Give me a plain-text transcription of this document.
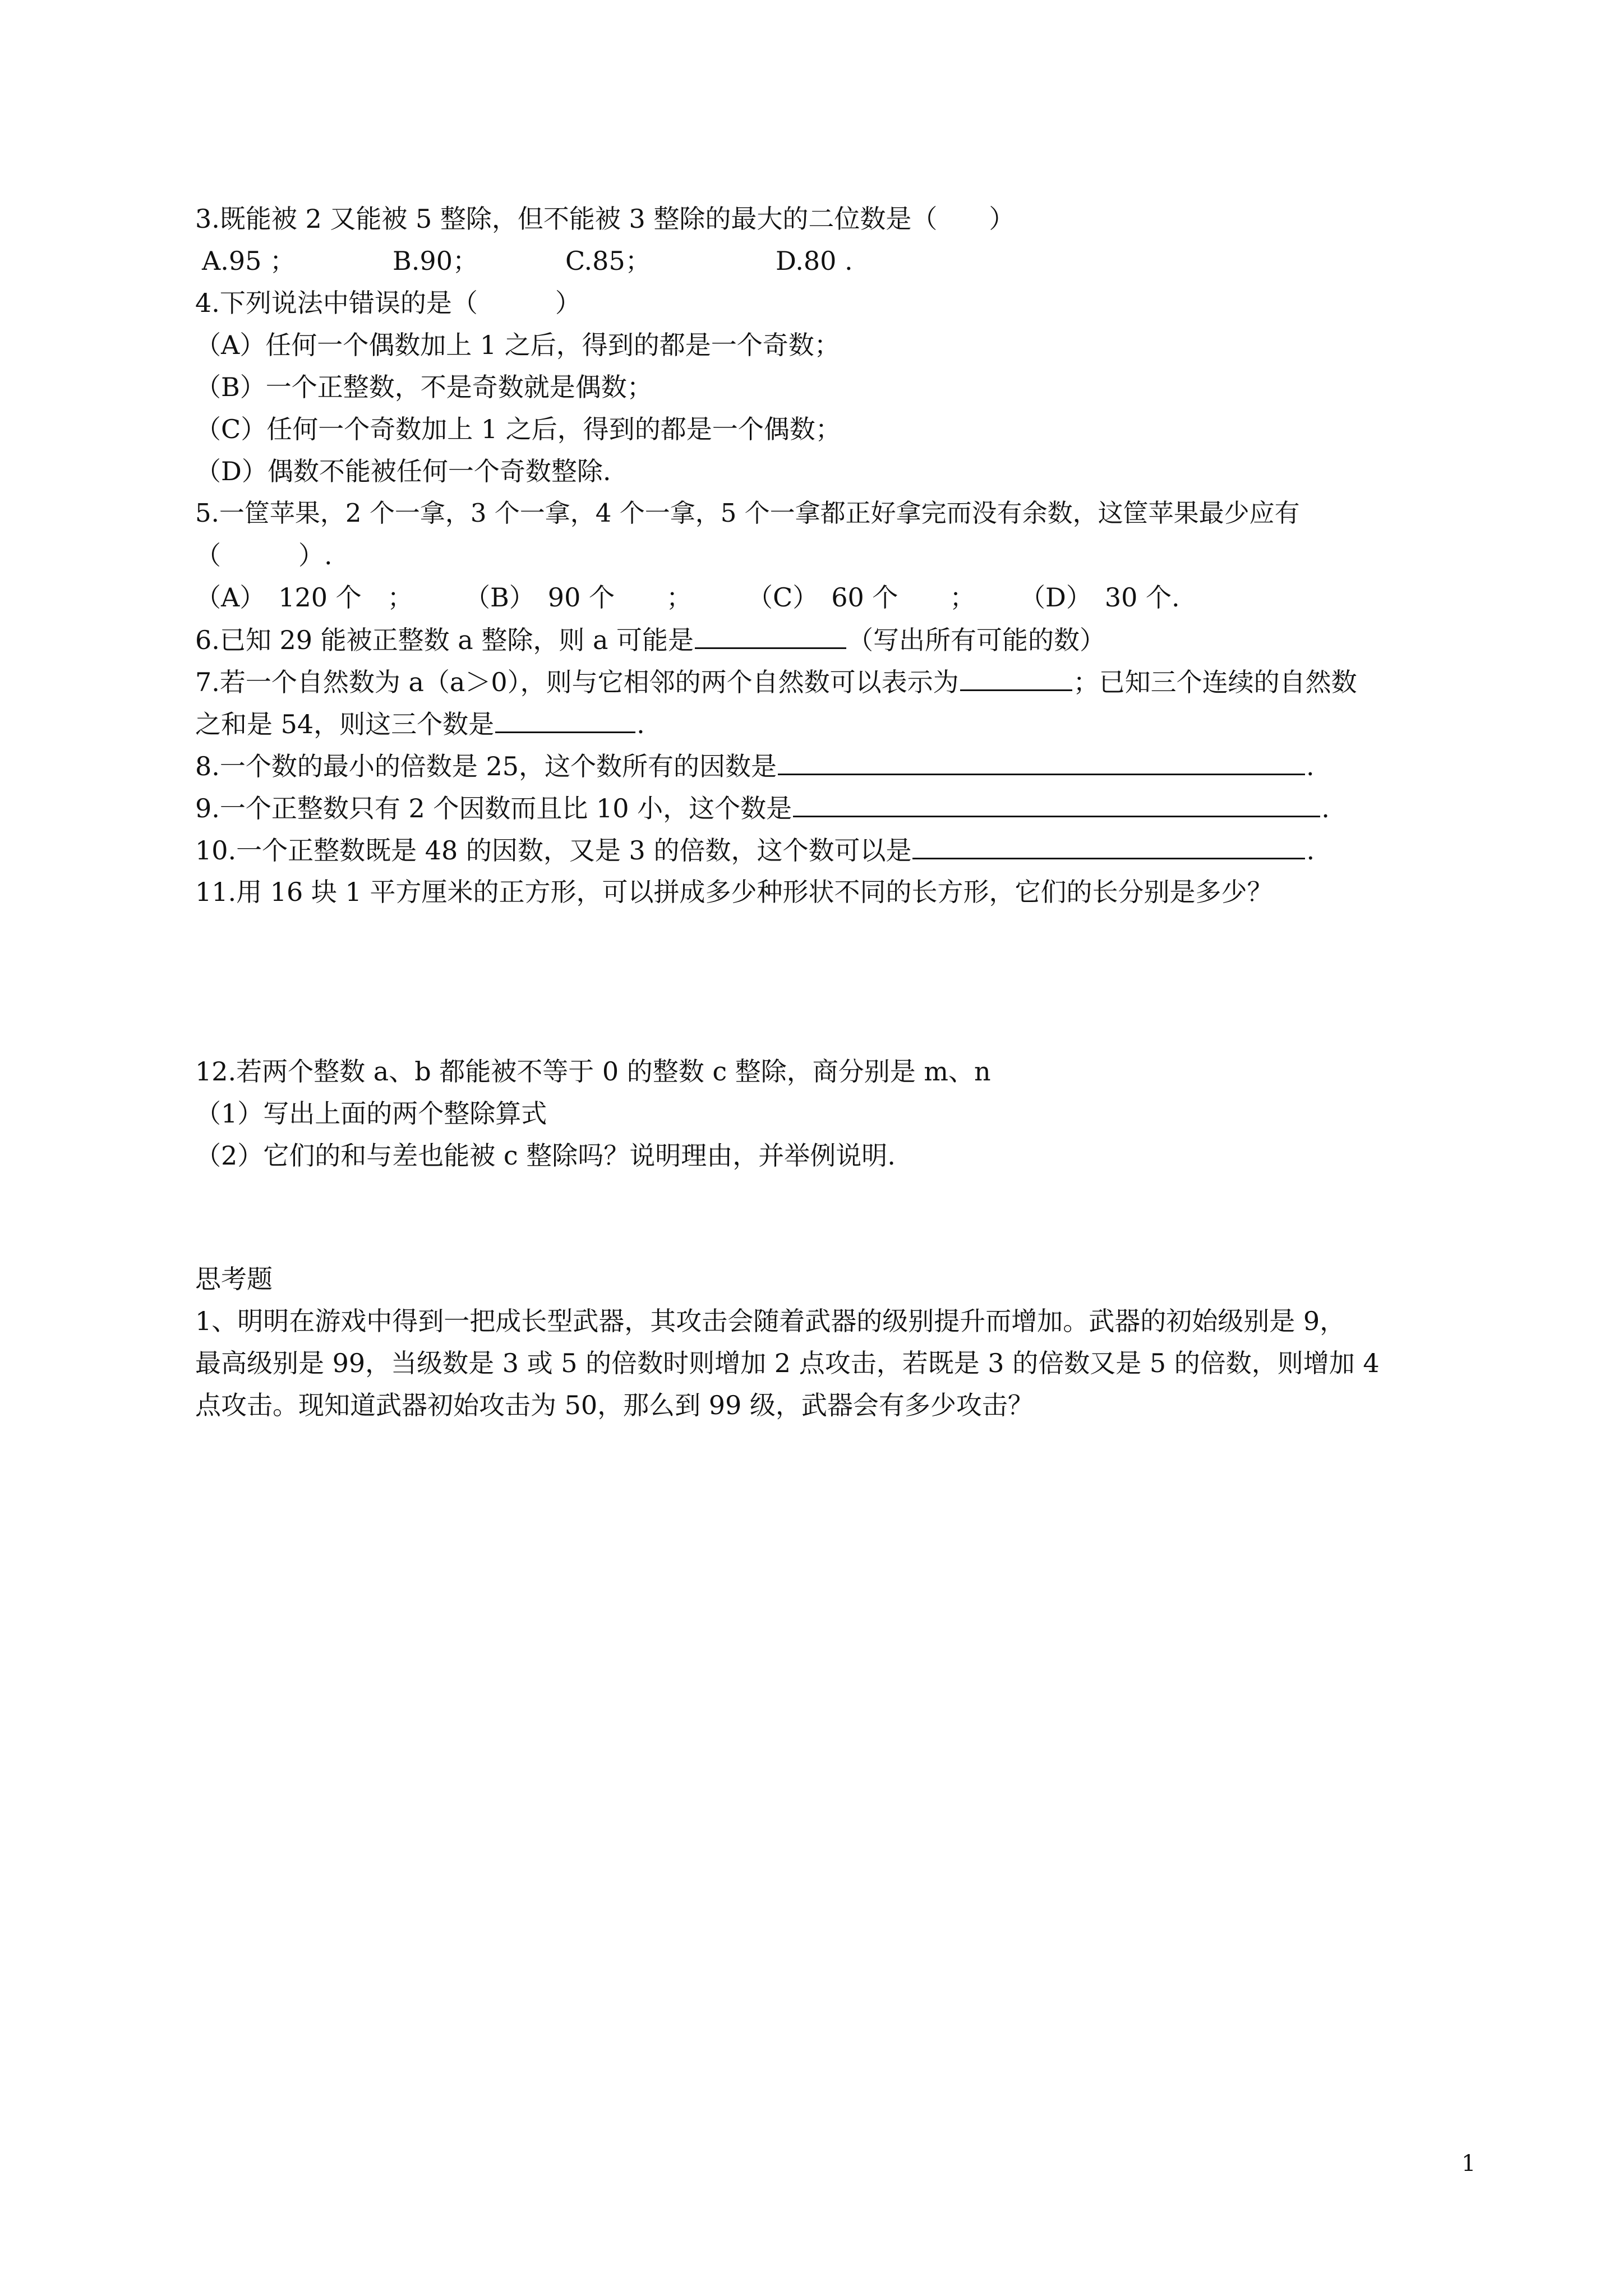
3.既能被 2 又能被 5 整除，但不能被 3 整除的最大的二位数是（　　）

A.95 ；

	B.90；

	C.85；

	D.80 .

4.下列说法中错误的是（　　　）
（A）任何一个偶数加上 1 之后，得到的都是一个奇数；
（B）一个正整数，不是奇数就是偶数；
（C）任何一个奇数加上 1 之后，得到的都是一个偶数；
（D）偶数不能被任何一个奇数整除.
5.一筐苹果，2 个一拿，3 个一拿，4 个一拿，5 个一拿都正好拿完而没有余数，这筐苹果最少应有
（　　　）.

（A）　120 个　；

（B）　90 个　　；

（C）　60 个　　；

（D）　30 个.

6.已知 29 能被正整数 a 整除，则 a 可能是	（写出所有可能的数）
7.若一个自然数为 a（a＞0），则与它相邻的两个自然数可以表示为	；已知三个连续的自然数
之和是 54，则这三个数是	.
8.一个数的最小的倍数是 25，这个数所有的因数是	.
9.一个正整数只有 2 个因数而且比 10 小，这个数是	.
10.一个正整数既是 48 的因数，又是 3 的倍数，这个数可以是	.
11.用 16 块 1 平方厘米的正方形，可以拼成多少种形状不同的长方形，它们的长分别是多少？
12.若两个整数 a、b 都能被不等于 0 的整数 c 整除，商分别是 m、n
（1）写出上面的两个整除算式
（2）它们的和与差也能被 c 整除吗？说明理由，并举例说明.
思考题
1、明明在游戏中得到一把成长型武器，其攻击会随着武器的级别提升而增加。武器的初始级别是 9，
最高级别是 99，当级数是 3 或 5 的倍数时则增加 2 点攻击，若既是 3 的倍数又是 5 的倍数，则增加 4
点攻击。现知道武器初始攻击为 50，那么到 99 级，武器会有多少攻击？
1
